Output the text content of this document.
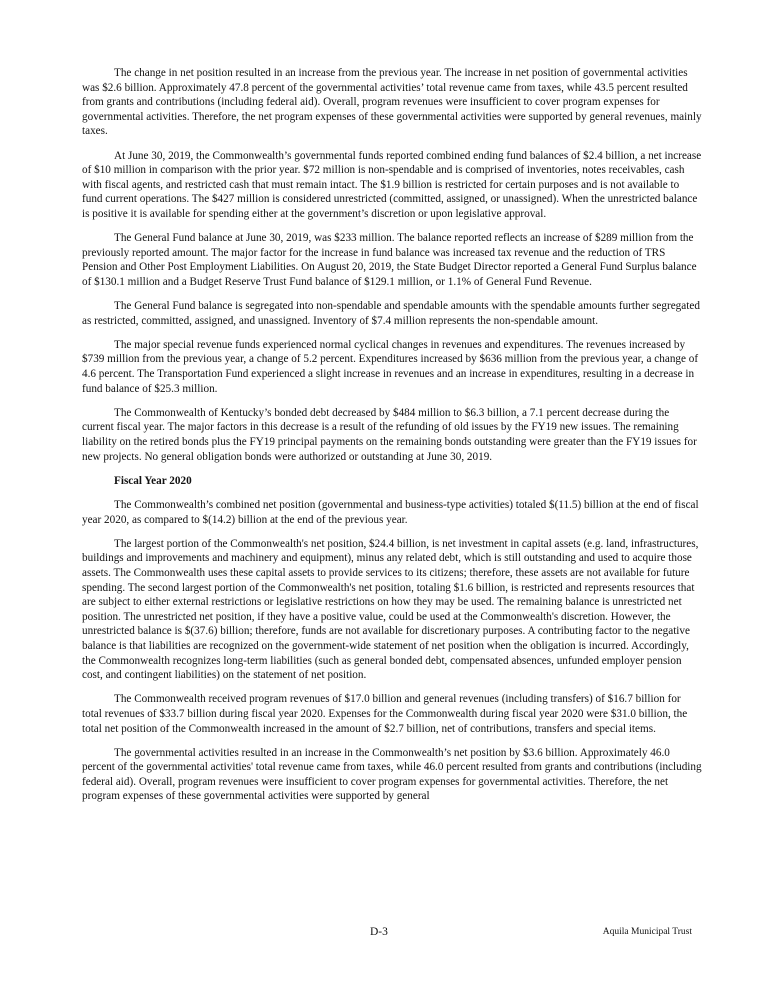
The change in net position resulted in an increase from the previous year. The increase in net position of governmental activities was $2.6 billion. Approximately 47.8 percent of the governmental activities’ total revenue came from taxes, while 43.5 percent resulted from grants and contributions (including federal aid). Overall, program revenues were insufficient to cover program expenses for governmental activities. Therefore, the net program expenses of these governmental activities were supported by general revenues, mainly taxes.

At June 30, 2019, the Commonwealth’s governmental funds reported combined ending fund balances of $2.4 billion, a net increase of $10 million in comparison with the prior year. $72 million is non-spendable and is comprised of inventories, notes receivables, cash with fiscal agents, and restricted cash that must remain intact. The $1.9 billion is restricted for certain purposes and is not available to fund current operations. The $427 million is considered unrestricted (committed, assigned, or unassigned). When the unrestricted balance is positive it is available for spending either at the government’s discretion or upon legislative approval.

The General Fund balance at June 30, 2019, was $233 million. The balance reported reflects an increase of $289 million from the previously reported amount. The major factor for the increase in fund balance was increased tax revenue and the reduction of TRS Pension and Other Post Employment Liabilities. On August 20, 2019, the State Budget Director reported a General Fund Surplus balance of $130.1 million and a Budget Reserve Trust Fund balance of $129.1 million, or 1.1% of General Fund Revenue.

The General Fund balance is segregated into non-spendable and spendable amounts with the spendable amounts further segregated as restricted, committed, assigned, and unassigned. Inventory of $7.4 million represents the non-spendable amount.

The major special revenue funds experienced normal cyclical changes in revenues and expenditures. The revenues increased by $739 million from the previous year, a change of 5.2 percent. Expenditures increased by $636 million from the previous year, a change of 4.6 percent. The Transportation Fund experienced a slight increase in revenues and an increase in expenditures, resulting in a decrease in fund balance of $25.3 million.

The Commonwealth of Kentucky’s bonded debt decreased by $484 million to $6.3 billion, a 7.1 percent decrease during the current fiscal year. The major factors in this decrease is a result of the refunding of old issues by the FY19 new issues. The remaining liability on the retired bonds plus the FY19 principal payments on the remaining bonds outstanding were greater than the FY19 issues for new projects. No general obligation bonds were authorized or outstanding at June 30, 2019.

Fiscal Year 2020

The Commonwealth’s combined net position (governmental and business-type activities) totaled $(11.5) billion at the end of fiscal year 2020, as compared to $(14.2) billion at the end of the previous year.

The largest portion of the Commonwealth's net position, $24.4 billion, is net investment in capital assets (e.g. land, infrastructures, buildings and improvements and machinery and equipment), minus any related debt, which is still outstanding and used to acquire those assets. The Commonwealth uses these capital assets to provide services to its citizens; therefore, these assets are not available for future spending. The second largest portion of the Commonwealth's net position, totaling $1.6 billion, is restricted and represents resources that are subject to either external restrictions or legislative restrictions on how they may be used. The remaining balance is unrestricted net position. The unrestricted net position, if they have a positive value, could be used at the Commonwealth's discretion. However, the unrestricted balance is $(37.6) billion; therefore, funds are not available for discretionary purposes. A contributing factor to the negative balance is that liabilities are recognized on the government-wide statement of net position when the obligation is incurred. Accordingly, the Commonwealth recognizes long-term liabilities (such as general bonded debt, compensated absences, unfunded employer pension cost, and contingent liabilities) on the statement of net position.

The Commonwealth received program revenues of $17.0 billion and general revenues (including transfers) of $16.7 billion for total revenues of $33.7 billion during fiscal year 2020. Expenses for the Commonwealth during fiscal year 2020 were $31.0 billion, the total net position of the Commonwealth increased in the amount of $2.7 billion, net of contributions, transfers and special items.

The governmental activities resulted in an increase in the Commonwealth’s net position by $3.6 billion. Approximately 46.0 percent of the governmental activities' total revenue came from taxes, while 46.0 percent resulted from grants and contributions (including federal aid). Overall, program revenues were insufficient to cover program expenses for governmental activities. Therefore, the net program expenses of these governmental activities were supported by general

D-3	Aquila Municipal Trust
